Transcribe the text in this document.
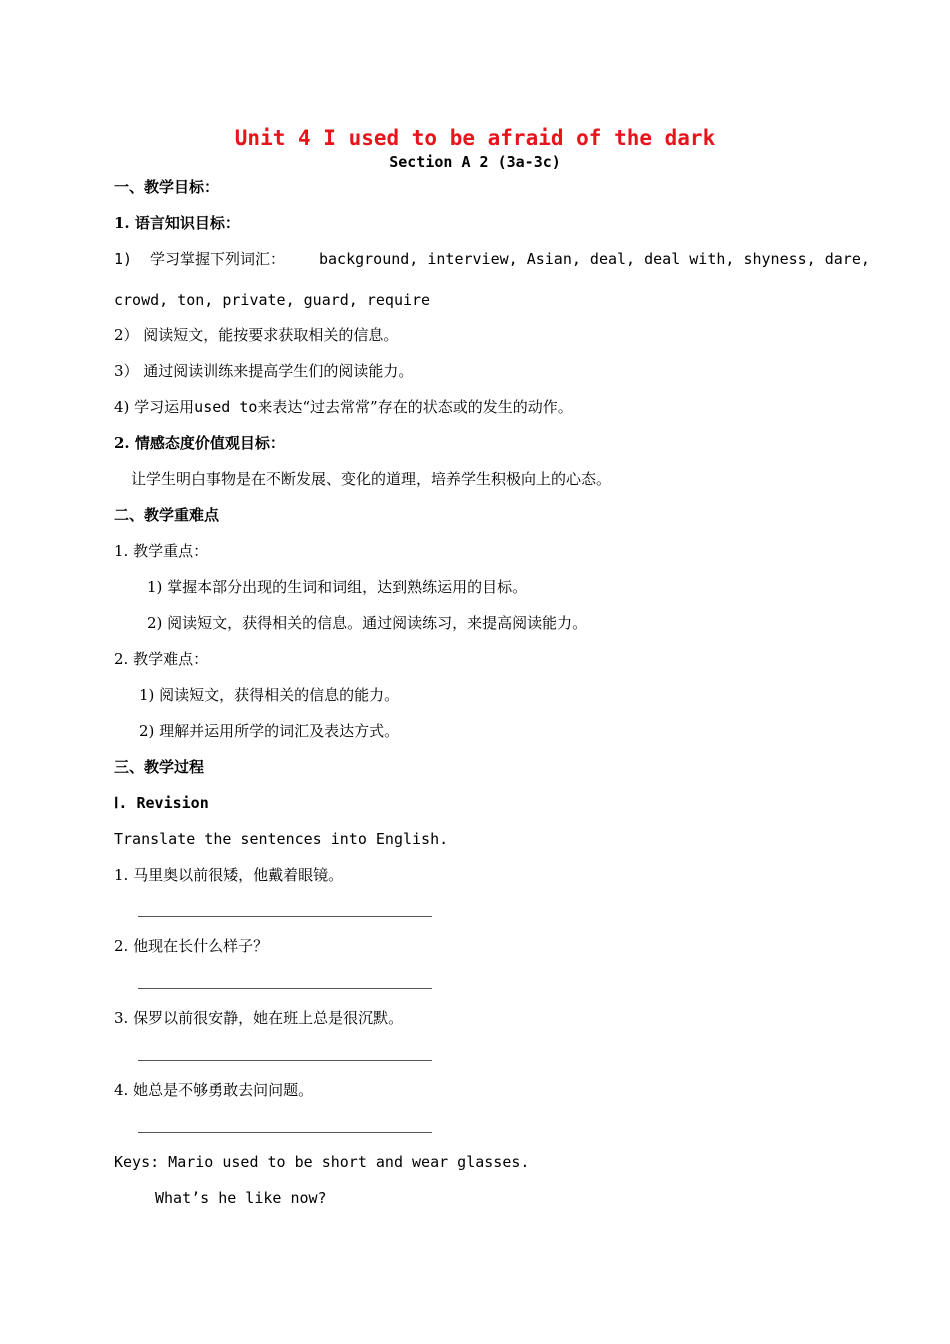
Unit 4 I used to be afraid of the dark
Section A 2 (3a-3c)
一、教学目标：
1. 语言知识目标：
1) 学习掌握下列词汇： background, interview, Asian, deal, deal with, shyness, dare,
crowd, ton, private, guard, require
2） 阅读短文，能按要求获取相关的信息。
3） 通过阅读训练来提高学生们的阅读能力。
4) 学习运用used to来表达“过去常常”存在的状态或的发生的动作。
2. 情感态度价值观目标：
让学生明白事物是在不断发展、变化的道理，培养学生积极向上的心态。
二、教学重难点
1. 教学重点：
1) 掌握本部分出现的生词和词组，达到熟练运用的目标。
2) 阅读短文，获得相关的信息。通过阅读练习，来提高阅读能力。
2. 教学难点：
1) 阅读短文，获得相关的信息的能力。
2) 理解并运用所学的词汇及表达方式。
三、教学过程
Ⅰ. Revision
Translate the sentences into English.
1. 马里奥以前很矮，他戴着眼镜。
2. 他现在长什么样子？
3. 保罗以前很安静，她在班上总是很沉默。
4. 她总是不够勇敢去问问题。
Keys: Mario used to be short and wear glasses.
What’s he like now?
